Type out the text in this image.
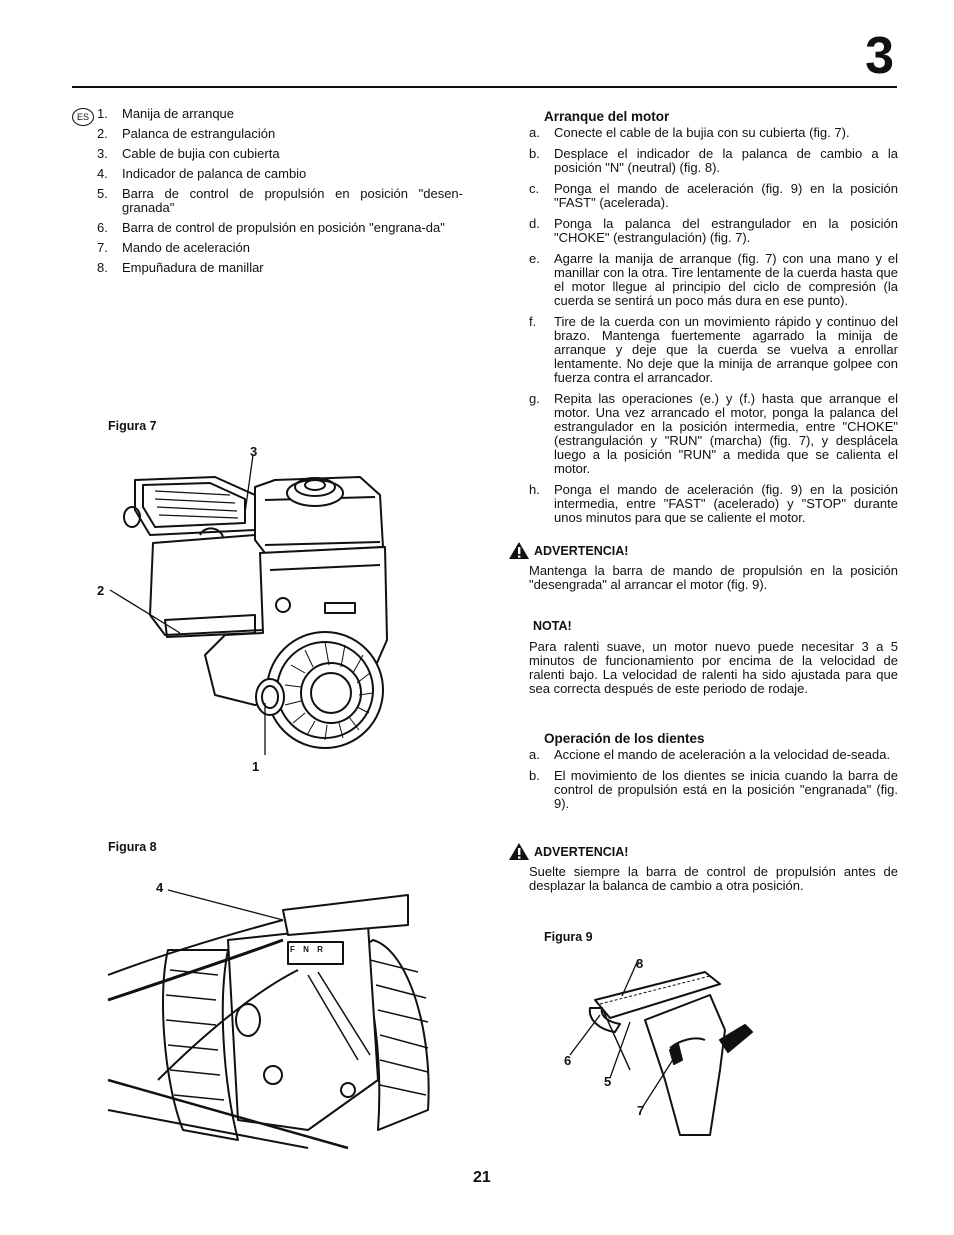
3
ES 1.	Manija de arranque
2.	Palanca de estrangulación
3.	Cable de bujia con cubierta
4.	Indicador de palanca de cambio
5.	Barra de control de propulsión en posición "desen-granada"
6.	Barra de control de propulsión en posición "engrana-da"
7.	Mando de aceleración
8.	Empuñadura de manillar
Figura 7
3
2
1
Figura 8
4
F N R
Arranque del motor
a.	Conecte el cable de la bujia con su cubierta (fig. 7).
b.	Desplace el indicador de la palanca de cambio a la posición "N" (neutral) (fig. 8).
c.	Ponga el mando de aceleración (fig. 9) en la posición "FAST" (acelerada).
d.	Ponga la palanca del estrangulador en la posición "CHOKE" (estrangulación) (fig. 7).
e.	Agarre la manija de arranque (fig. 7) con una mano y el manillar con la otra. Tire lentamente de la cuerda hasta que el motor llegue al principio del ciclo de compresión (la cuerda se sentirá un poco más dura en ese punto).
f.	Tire de la cuerda con un movimiento rápido y continuo del brazo. Mantenga fuertemente agarrado la minija de arranque y deje que la cuerda se vuelva a enrollar lentamente. No deje que la minija de arranque golpee con fuerza contra el arrancador.
g.	Repita las operaciones (e.) y (f.) hasta que arranque el motor. Una vez arrancado el motor, ponga la palanca del estrangulador en la posición intermedia, entre "CHOKE" (estrangulación y "RUN" (marcha) (fig. 7), y desplácela luego a la posición "RUN" a medida que se calienta el motor.
h.	Ponga el mando de aceleración (fig. 9) en la posición intermedia, entre "FAST" (acelerado) y "STOP" durante unos minutos para que se caliente el motor.
ADVERTENCIA!
Mantenga la barra de mando de propulsión en la posición "desengrada" al arrancar el motor (fig. 9).
NOTA!
Para ralenti suave, un motor nuevo puede necesitar 3 a 5 minutos de funcionamiento por encima de la velocidad de ralenti bajo. La velocidad de ralenti ha sido ajustada para que sea correcta después de este periodo de rodaje.
Operación de los dientes
a.	Accione el mando de aceleración a la velocidad de-seada.
b.	El movimiento de los dientes se inicia cuando la barra de control de propulsión está en la posición "engranada" (fig. 9).
ADVERTENCIA!
Suelte siempre la barra de control de propulsión antes de desplazar la balanca de cambio a otra posición.
Figura 9
8
6
5
7
21
